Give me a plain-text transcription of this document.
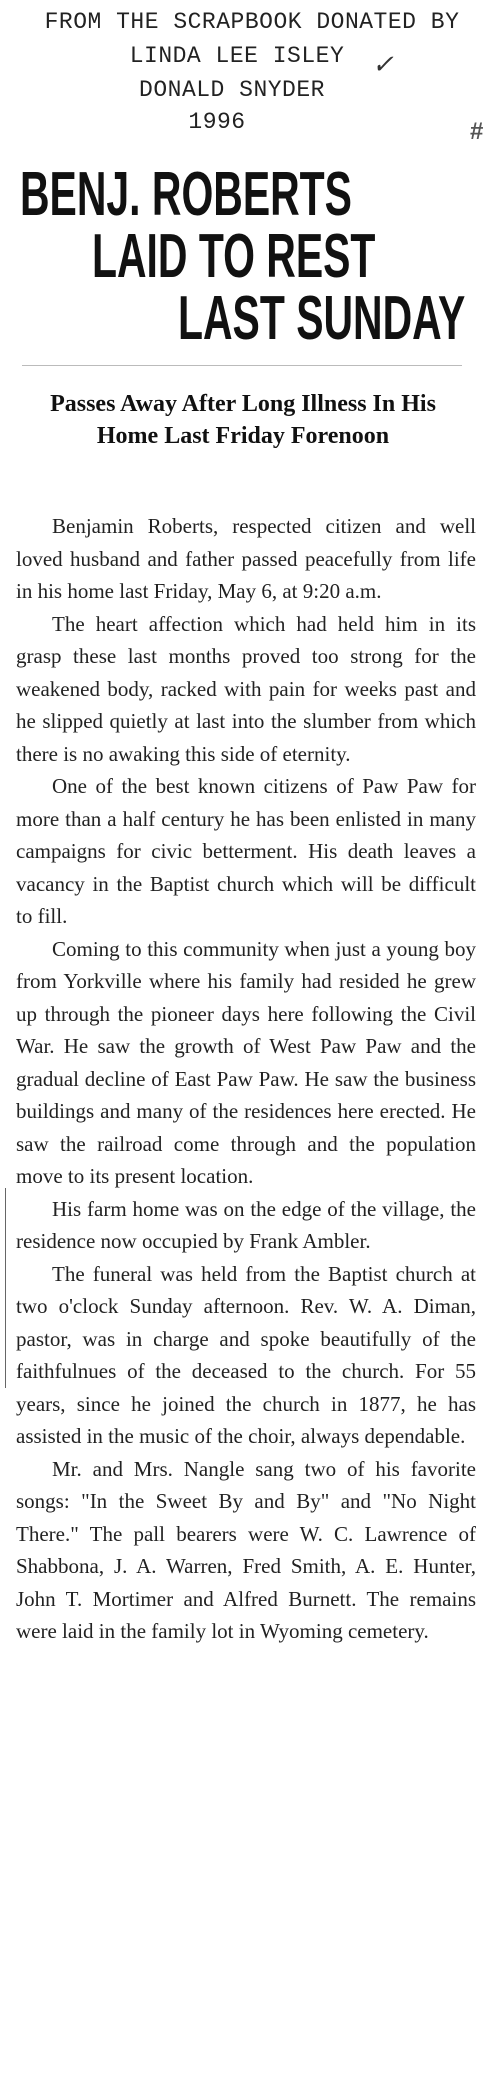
FROM THE SCRAPBOOK DONATED BY
LINDA LEE ISLEY
DONALD SNYDER
1996
✓
#
BENJ. ROBERTS
LAID TO REST
LAST SUNDAY
Passes Away After Long Illness In His Home Last Friday Forenoon

Benjamin Roberts, respected citizen and well loved husband and father passed peacefully from life in his home last Friday, May 6, at 9:20 a.m.

The heart affection which had held him in its grasp these last months proved too strong for the weakened body, racked with pain for weeks past and he slipped quietly at last into the slumber from which there is no awaking this side of eternity.

One of the best known citizens of Paw Paw for more than a half century he has been enlisted in many campaigns for civic betterment. His death leaves a vacancy in the Baptist church which will be difficult to fill.

Coming to this community when just a young boy from Yorkville where his family had resided he grew up through the pioneer days here following the Civil War. He saw the growth of West Paw Paw and the gradual decline of East Paw Paw. He saw the business buildings and many of the residences here erected. He saw the railroad come through and the population move to its present location.

His farm home was on the edge of the village, the residence now occupied by Frank Ambler.

The funeral was held from the Baptist church at two o'clock Sunday afternoon. Rev. W. A. Diman, pastor, was in charge and spoke beautifully of the faithfulnues of the deceased to the church. For 55 years, since he joined the church in 1877, he has assisted in the music of the choir, always dependable.

Mr. and Mrs. Nangle sang two of his favorite songs: "In the Sweet By and By" and "No Night There." The pall bearers were W. C. Lawrence of Shabbona, J. A. Warren, Fred Smith, A. E. Hunter, John T. Mortimer and Alfred Burnett. The remains were laid in the family lot in Wyoming cemetery.
